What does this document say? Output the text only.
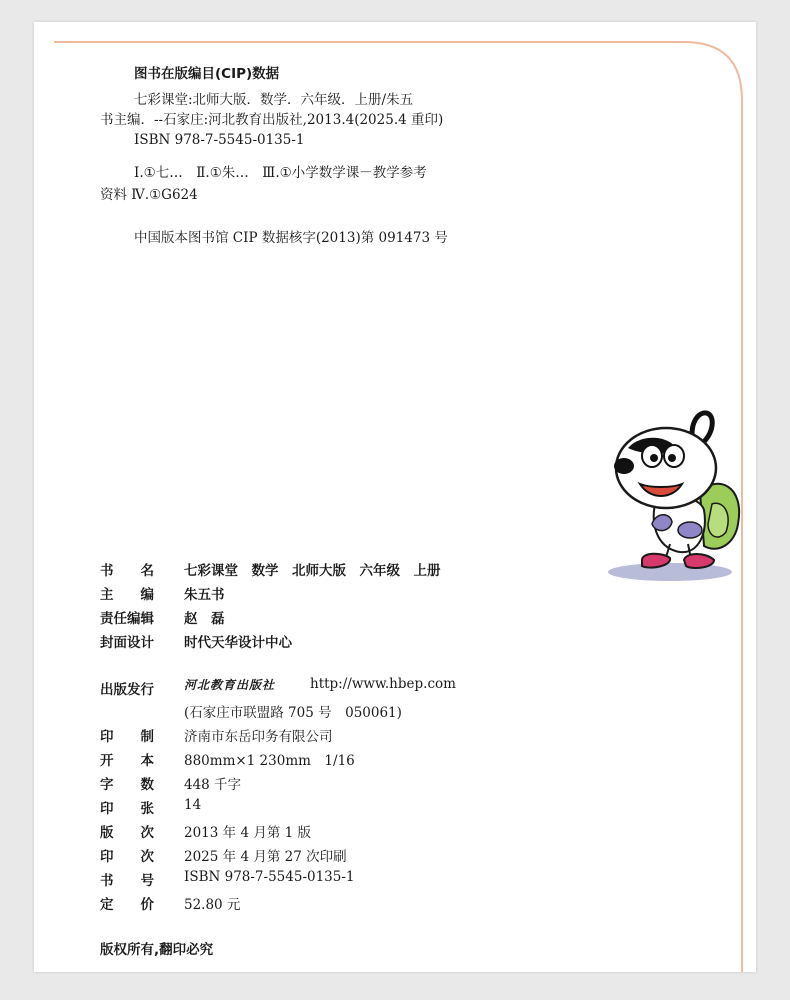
图书在版编目(CIP)数据
七彩课堂:北师大版．数学．六年级．上册/朱五
书主编．--石家庄:河北教育出版社,2013.4(2025.4 重印)
ISBN 978-7-5545-0135-1
Ⅰ.①七…　Ⅱ.①朱…　Ⅲ.①小学数学课－教学参考
资料 Ⅳ.①G624
中国版本图书馆 CIP 数据核字(2013)第 091473 号
书　　名 七彩课堂　数学　北师大版　六年级　上册
主　　编 朱五书
责任编辑 赵　磊
封面设计 时代天华设计中心
出版发行	河北教育出版社	http://www.hbep.com
(石家庄市联盟路 705 号　050061)
印　　制 济南市东岳印务有限公司
开　　本 880mm×1 230mm　1/16
字　　数 448 千字
印　　张 14
版　　次 2013 年 4 月第 1 版
印　　次 2025 年 4 月第 27 次印刷
书　　号 ISBN 978-7-5545-0135-1
定　　价 52.80 元
版权所有,翻印必究
